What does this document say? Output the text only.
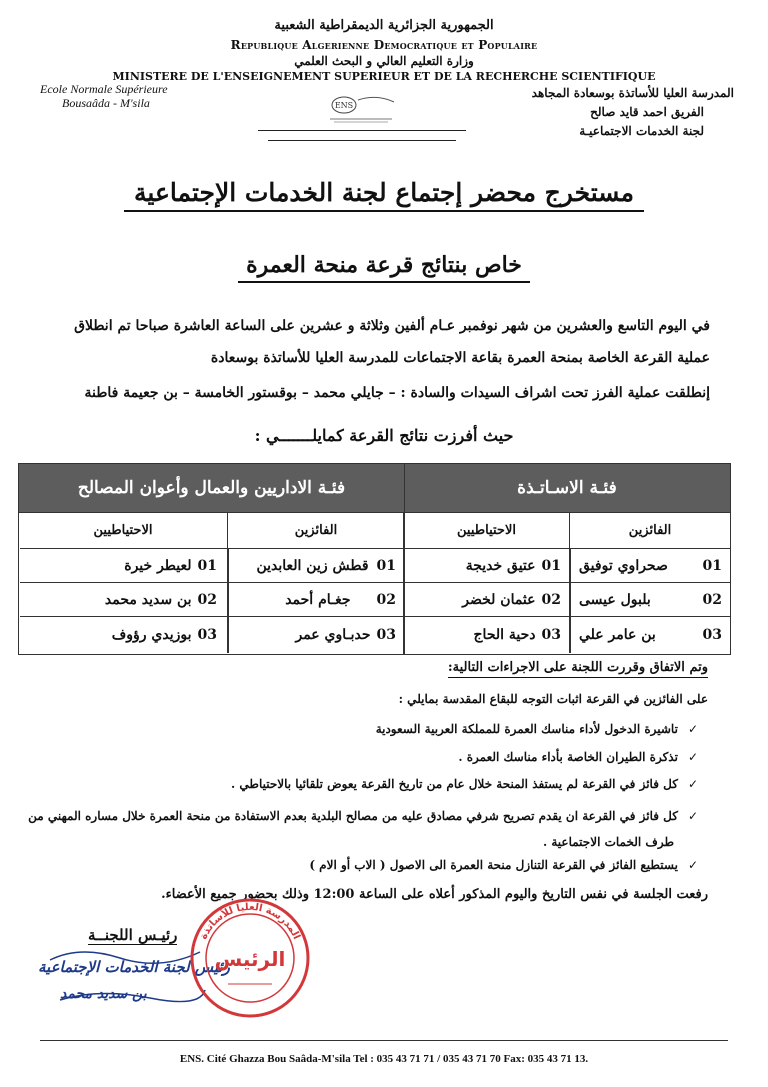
الجمهورية الجزائرية الديمقراطية الشعبية
Republique Algerienne Democratique et Populaire
وزارة التعليم العالي و البحث العلمي
MINISTERE DE L'ENSEIGNEMENT SUPERIEUR ET DE LA RECHERCHE SCIENTIFIQUE
Ecole Normale Supérieure
Bousaâda - M'sila
المدرسة العليا للأساتذة بوسعادة المجاهد
الفريق احمد قايد صالح
لجنة الخدمات الاجتماعيـة
ENS
مستخرج محضر إجتماع لجنة الخدمات الإجتماعية
خاص بنتائج قرعة منحة العمرة
في اليوم التاسع والعشرين من شهر نوفمبر عـام ألفين وثلاثة و عشرين على الساعة العاشرة صباحا تم انطلاق
عملية القرعة الخاصة بمنحة العمرة بقاعة الاجتماعات للمدرسة العليا للأساتذة بوسعادة
إنطلقت عملية الفرز تحت اشراف السيدات والسادة : – جايلي محمد – بوقستور الخامسة – بن جعيمة فاطنة
حيث أفرزت نتائج القرعة كمايلـــــــي :
فئـة الاسـاتـذة
الفائزين
الاحتياطيين
01
صحراوي توفيق
01
عتيق خديجة
02
بلبول عيسى
02
عثمان لخضر
03
بن عامر علي
03
دحية الحاج
فئـة الاداريين والعمال وأعوان المصالح
الفائزين
الاحتياطيين
01
قطش زين العابدين
01
لعيطر خيرة
02
جغـام أحمد
02
بن سديد محمد
03
حدبـاوي عمر
03
بوزيدي رؤوف
وتم الاتفاق وقررت اللجنة على الاجراءات التالية:
على الفائزين في القرعة اثبات التوجه للبقاع المقدسة بمايلي :
✓تاشيرة الدخول لأداء مناسك العمرة للمملكة العربية السعودية
✓تذكرة الطيران الخاصة بأداء مناسك العمرة .
✓كل فائز في القرعة لم يستفذ المنحة خلال عام من تاريخ القرعة يعوض تلقائيا بالاحتياطي .
✓كل فائز في القرعة ان يقدم تصريح شرفي مصادق عليه من مصالح البلدية بعدم الاستفادة من منحة العمرة خلال مساره المهني من
طرف الخمات الاجتماعية .
✓يستطيع الفائز في القرعة التنازل منحة العمرة الى الاصول ( الاب أو الام )
رفعت الجلسة في نفس التاريخ واليوم المذكور أعلاه على الساعة 12:00 وذلك بحضور جميع الأعضاء.
رئيـس اللجنــة
رئيس لجنة الخدمات الإجتماعية
بن سديد محمد
المدرسة العليا للأساتذة
الرئيس
ENS. Cité Ghazza Bou Saâda-M'sila Tel : 035 43 71 71 / 035 43 71 70 Fax: 035 43 71 13.
